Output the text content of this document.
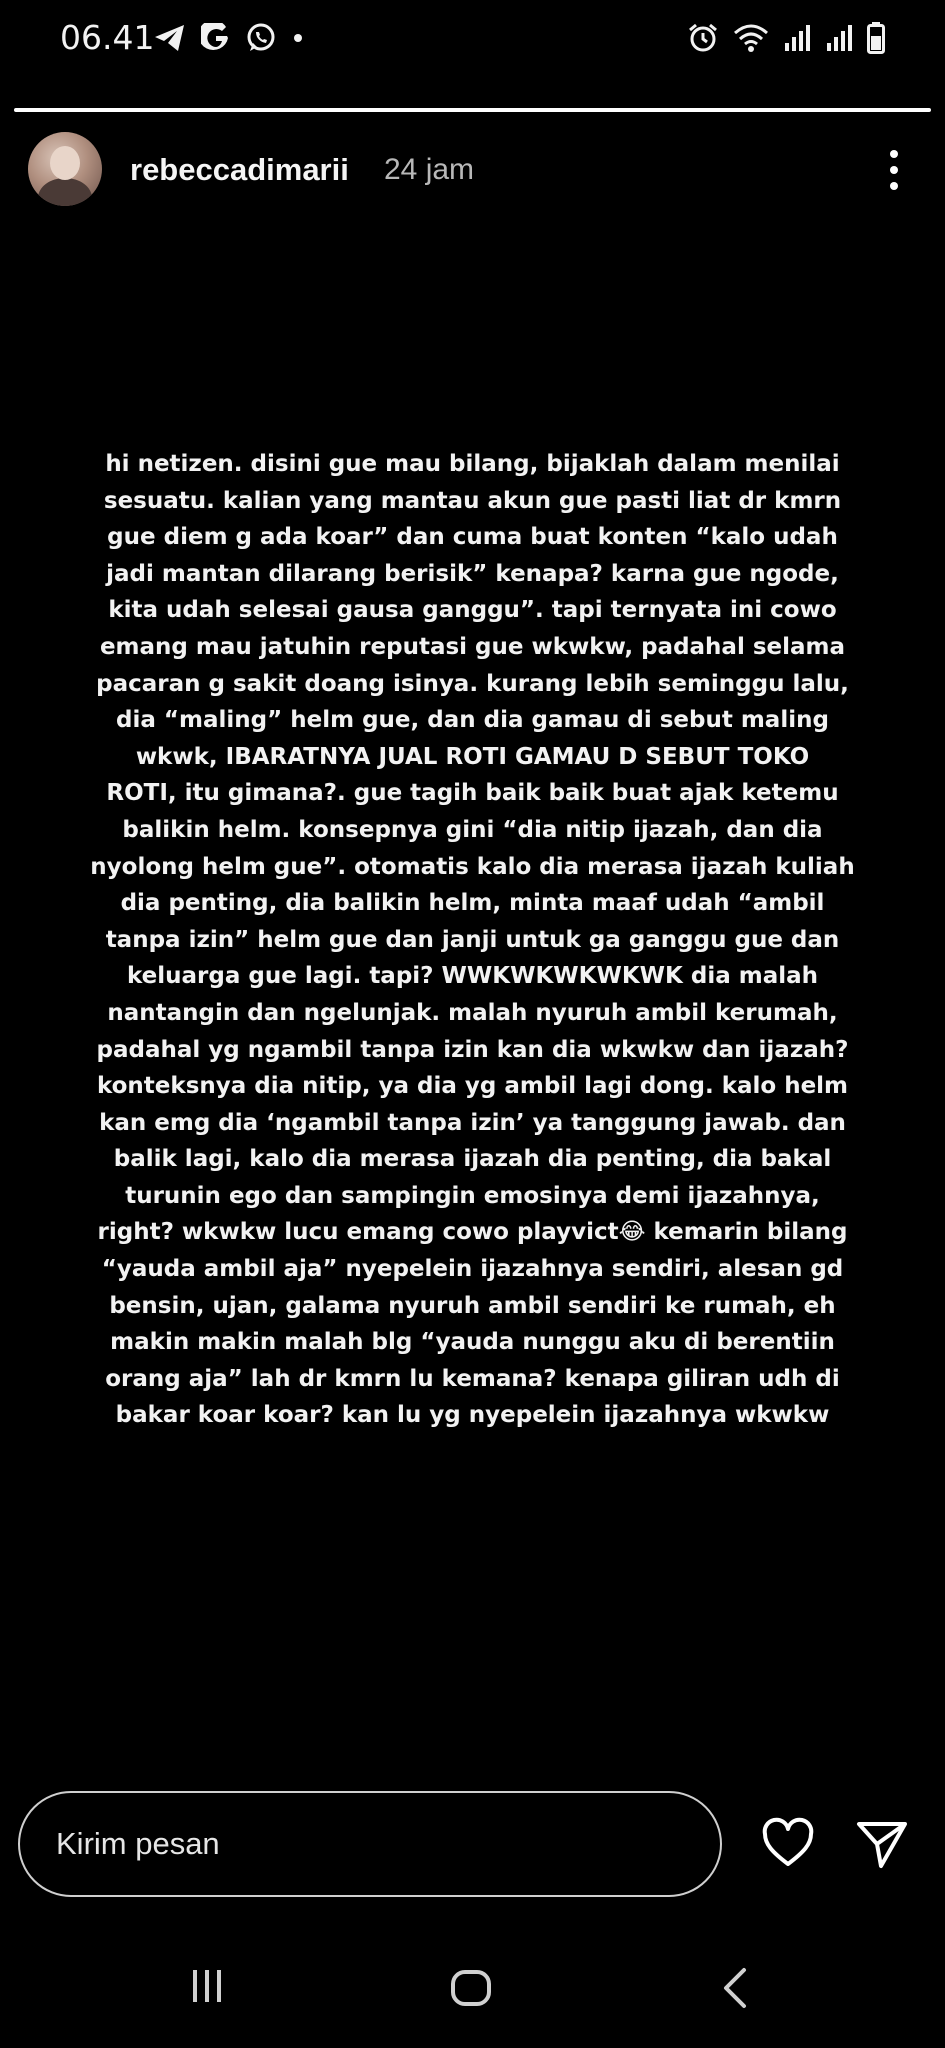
06.41
rebeccadimarii 24 jam
hi netizen. disini gue mau bilang, bijaklah dalam menilai
sesuatu. kalian yang mantau akun gue pasti liat dr kmrn
gue diem g ada koar” dan cuma buat konten “kalo udah
jadi mantan dilarang berisik” kenapa? karna gue ngode,
kita udah selesai gausa ganggu”. tapi ternyata ini cowo
emang mau jatuhin reputasi gue wkwkw, padahal selama
pacaran g sakit doang isinya. kurang lebih seminggu lalu,
dia “maling” helm gue, dan dia gamau di sebut maling
wkwk, IBARATNYA JUAL ROTI GAMAU D SEBUT TOKO
ROTI, itu gimana?. gue tagih baik baik buat ajak ketemu
balikin helm. konsepnya gini “dia nitip ijazah, dan dia
nyolong helm gue”. otomatis kalo dia merasa ijazah kuliah
dia penting, dia balikin helm, minta maaf udah “ambil
tanpa izin” helm gue dan janji untuk ga ganggu gue dan
keluarga gue lagi. tapi? WWKWKWKWKWK dia malah
nantangin dan ngelunjak. malah nyuruh ambil kerumah,
padahal yg ngambil tanpa izin kan dia wkwkw dan ijazah?
konteksnya dia nitip, ya dia yg ambil lagi dong. kalo helm
kan emg dia ‘ngambil tanpa izin’ ya tanggung jawab. dan
balik lagi, kalo dia merasa ijazah dia penting, dia bakal
turunin ego dan sampingin emosinya demi ijazahnya,
right? wkwkw lucu emang cowo playvict😂 kemarin bilang
“yauda ambil aja” nyepelein ijazahnya sendiri, alesan gd
bensin, ujan, galama nyuruh ambil sendiri ke rumah, eh
makin makin malah blg “yauda nunggu aku di berentiin
orang aja” lah dr kmrn lu kemana? kenapa giliran udh di
bakar koar koar? kan lu yg nyepelein ijazahnya wkwkw
Kirim pesan
